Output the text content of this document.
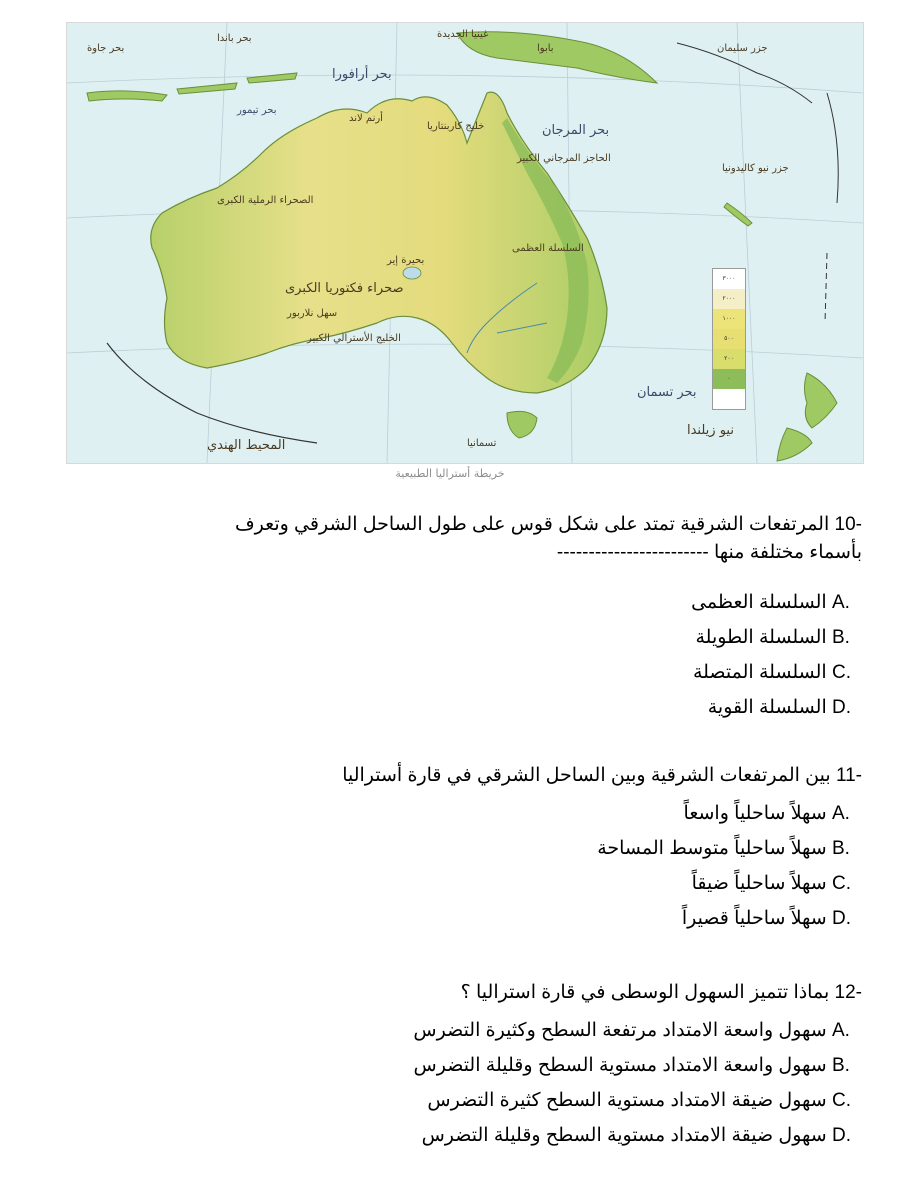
صحراء فكتوريا الكبرى
الصحراء الرملية الكبرى
سهل نلاربور
الخليج الأسترالي الكبير
بحر المرجان
بحر أرافورا
بحر تيمور
بحر تسمان
خليج كاربنتاريا
أرنم لاند
الحاجز المرجاني الكبير
السلسلة العظمى
تسمانيا
نيو زيلندا
جزر نيو كاليدونيا
جزر سليمان
غينيا الجديدة
بابوا
بحر جاوة
بحر باندا
المحيط الهندي
بحيرة إير
٣٠٠٠
٢٠٠٠
١٠٠٠
٥٠٠
٢٠٠
٠
خريطة أستراليا الطبيعية
10- المرتفعات الشرقية تمتد على شكل قوس على طول الساحل الشرقي وتعرف
بأسماء مختلفة منها ------------------------
A. السلسلة العظمى
B. السلسلة الطويلة
C. السلسلة المتصلة
D. السلسلة القوية
11- بين المرتفعات الشرقية وبين الساحل الشرقي في قارة أستراليا
A. سهلاً ساحلياً واسعاً
B. سهلاً ساحلياً متوسط المساحة
C. سهلاً ساحلياً ضيقاً
D. سهلاً ساحلياً قصيراً
12- بماذا تتميز السهول الوسطى في قارة استراليا ؟
A. سهول واسعة الامتداد مرتفعة السطح وكثيرة التضرس
B. سهول واسعة الامتداد مستوية السطح وقليلة التضرس
C. سهول ضيقة الامتداد مستوية السطح كثيرة التضرس
D. سهول ضيقة الامتداد مستوية السطح وقليلة التضرس
